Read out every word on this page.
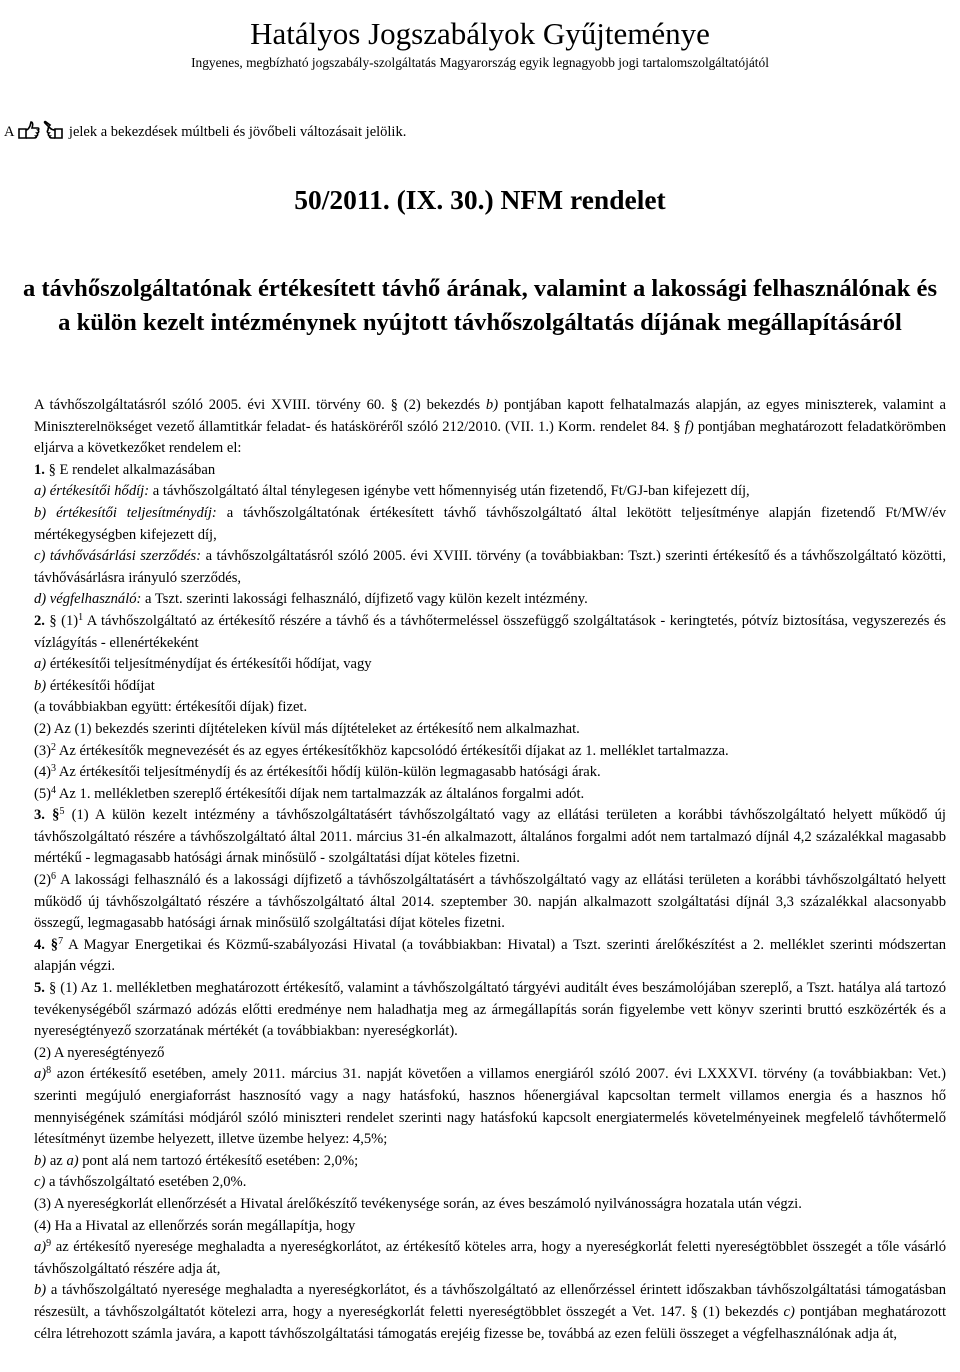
Hatályos Jogszabályok Gyűjteménye
Ingyenes, megbízható jogszabály-szolgáltatás Magyarország egyik legnagyobb jogi tartalomszolgáltatójától
A	jelek a bekezdések múltbeli és jövőbeli változásait jelölik.
50/2011. (IX. 30.) NFM rendelet
a távhőszolgáltatónak értékesített távhő árának, valamint a lakossági felhasználónak és a külön kezelt intézménynek nyújtott távhőszolgáltatás díjának megállapításáról

A távhőszolgáltatásról szóló 2005. évi XVIII. törvény 60. § (2) bekezdés b) pontjában kapott felhatalmazás alapján, az egyes miniszterek, valamint a Miniszterelnökséget vezető államtitkár feladat- és hatásköréről szóló 212/2010. (VII. 1.) Korm. rendelet 84. § f) pontjában meghatározott feladatkörömben eljárva a következőket rendelem el:

1. § E rendelet alkalmazásában

a) értékesítői hődíj: a távhőszolgáltató által ténylegesen igénybe vett hőmennyiség után fizetendő, Ft/GJ-ban kifejezett díj,

b) értékesítői teljesítménydíj: a távhőszolgáltatónak értékesített távhő távhőszolgáltató által lekötött teljesítménye alapján fizetendő Ft/MW/év mértékegységben kifejezett díj,

c) távhővásárlási szerződés: a távhőszolgáltatásról szóló 2005. évi XVIII. törvény (a továbbiakban: Tszt.) szerinti értékesítő és a távhőszolgáltató közötti, távhővásárlásra irányuló szerződés,

d) végfelhasználó: a Tszt. szerinti lakossági felhasználó, díjfizető vagy külön kezelt intézmény.

2. § $(1)^1$ A távhőszolgáltató az értékesítő részére a távhő és a távhőtermeléssel összefüggő szolgáltatások - keringtetés, pótvíz biztosítása, vegyszerezés és vízlágyítás - ellenértékeként

a) értékesítői teljesítménydíjat és értékesítői hődíjat, vagy

b) értékesítői hődíjat

(a továbbiakban együtt: értékesítői díjak) fizet.

(2) Az (1) bekezdés szerinti díjtételeken kívül más díjtételeket az értékesítő nem alkalmazhat.

$(3)^2$ Az értékesítők megnevezését és az egyes értékesítőkhöz kapcsolódó értékesítői díjakat az 1. melléklet tartalmazza.

$(4)^3$ Az értékesítői teljesítménydíj és az értékesítői hődíj külön-külön legmagasabb hatósági árak.

$(5)^4$ Az 1. mellékletben szereplő értékesítői díjak nem tartalmazzák az általános forgalmi adót.

3. §$^5$ (1) A külön kezelt intézmény a távhőszolgáltatásért távhőszolgáltató vagy az ellátási területen a korábbi távhőszolgáltató helyett működő új távhőszolgáltató részére a távhőszolgáltató által 2011. március 31-én alkalmazott, általános forgalmi adót nem tartalmazó díjnál 4,2 százalékkal magasabb mértékű - legmagasabb hatósági árnak minősülő - szolgáltatási díjat köteles fizetni.

$(2)^6$ A lakossági felhasználó és a lakossági díjfizető a távhőszolgáltatásért a távhőszolgáltató vagy az ellátási területen a korábbi távhőszolgáltató helyett működő új távhőszolgáltató részére a távhőszolgáltató által 2014. szeptember 30. napján alkalmazott szolgáltatási díjnál 3,3 százalékkal alacsonyabb összegű, legmagasabb hatósági árnak minősülő szolgáltatási díjat köteles fizetni.

4. §$^7$ A Magyar Energetikai és Közmű-szabályozási Hivatal (a továbbiakban: Hivatal) a Tszt. szerinti árelőkészítést a 2. melléklet szerinti módszertan alapján végzi.

5. § (1) Az 1. mellékletben meghatározott értékesítő, valamint a távhőszolgáltató tárgyévi auditált éves beszámolójában szereplő, a Tszt. hatálya alá tartozó tevékenységéből származó adózás előtti eredménye nem haladhatja meg az ármegállapítás során figyelembe vett könyv szerinti bruttó eszközérték és a nyereségtényező szorzatának mértékét (a továbbiakban: nyereségkorlát).

(2) A nyereségtényező

a)$^8$ azon értékesítő esetében, amely 2011. március 31. napját követően a villamos energiáról szóló 2007. évi LXXXVI. törvény (a továbbiakban: Vet.) szerinti megújuló energiaforrást hasznosító vagy a nagy hatásfokú, hasznos hőenergiával kapcsoltan termelt villamos energia és a hasznos hő mennyiségének számítási módjáról szóló miniszteri rendelet szerinti nagy hatásfokú kapcsolt energiatermelés követelményeinek megfelelő távhőtermelő létesítményt üzembe helyezett, illetve üzembe helyez: 4,5%;

b) az a) pont alá nem tartozó értékesítő esetében: 2,0%;

c) a távhőszolgáltató esetében 2,0%.

(3) A nyereségkorlát ellenőrzését a Hivatal árelőkészítő tevékenysége során, az éves beszámoló nyilvánosságra hozatala után végzi.

(4) Ha a Hivatal az ellenőrzés során megállapítja, hogy

a)$^9$ az értékesítő nyeresége meghaladta a nyereségkorlátot, az értékesítő köteles arra, hogy a nyereségkorlát feletti nyereségtöbblet összegét a tőle vásárló távhőszolgáltató részére adja át,

b) a távhőszolgáltató nyeresége meghaladta a nyereségkorlátot, és a távhőszolgáltató az ellenőrzéssel érintett időszakban távhőszolgáltatási támogatásban részesült, a távhőszolgáltatót kötelezi arra, hogy a nyereségkorlát feletti nyereségtöbblet összegét a Vet. 147. § (1) bekezdés c) pontjában meghatározott célra létrehozott számla javára, a kapott távhőszolgáltatási támogatás erejéig fizesse be, továbbá az ezen felüli összeget a végfelhasználónak adja át,
